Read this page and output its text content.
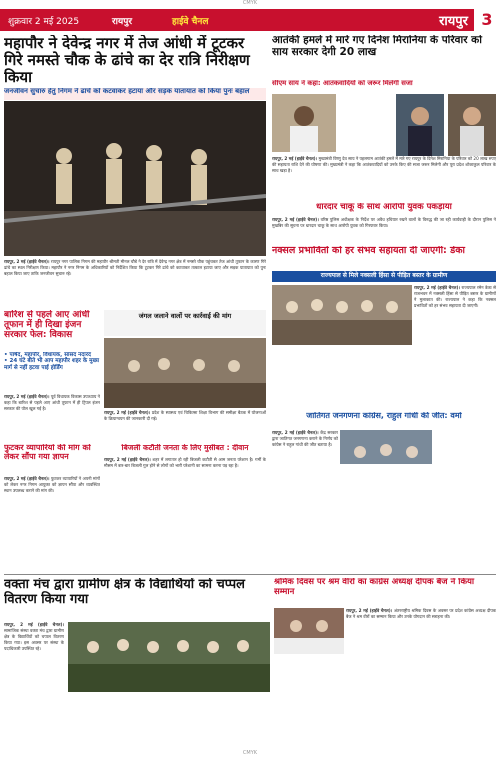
CMYK
शुक्रवार 2 मई 2025	रायपुर	हाईवे चैनल	रायपुर 3
महापौर ने देवेन्द्र नगर में तेज आंधी में टूटकर गिरे नमस्ते चौक के ढांचे का देर रात्रि निरीक्षण किया
जनजीवन सुचारु हेतु निगम ने ढांचे को कटवाकर हटाया और सड़क यातायात को किया पुनः बहाल
रायपुर, 2 मई (हाईवे चैनल)। रायपुर नगर पालिक निगम की महापौर श्रीमती मीनल चौबे ने देर रात्रि में देवेन्द्र नगर क्षेत्र में नमस्ते चौक पहुंचकर तेज आंधी तूफान के कारण गिरे ढांचे का स्थल निरीक्षण किया। महापौर ने नगर निगम के अधिकारियों को निर्देशित किया कि टूटकर गिरे ढांचे को कटवाकर तत्काल हटाया जाए और सड़क यातायात को पुनः बहाल किया जाए ताकि जनजीवन सुचारु रहे।
आतंकी हमले में मारे गए दिनेश मिरानिया के परिवार को साय सरकार देगी 20 लाख
सीएम साय ने कहा: आतंकवादियों को जरूर मिलेगी सजा
रायपुर, 2 मई (हाईवे चैनल)। मुख्यमंत्री विष्णु देव साय ने पहलगाम आतंकी हमले में मारे गए रायपुर के दिनेश मिरानिया के परिवार को 20 लाख रुपए की सहायता राशि देने की घोषणा की। मुख्यमंत्री ने कहा कि आतंकवादियों को उनके किए की सजा जरूर मिलेगी और पूरा प्रदेश शोकाकुल परिवार के साथ खड़ा है।
धारदार चाकू के साथ आरोपी युवक पकड़ाया
रायपुर, 2 मई (हाईवे चैनल)। वरिष्ठ पुलिस अधीक्षक के निर्देश पर अवैध हथियार रखने वालों के विरुद्ध की जा रही कार्यवाही के दौरान पुलिस ने मुखबिर की सूचना पर धारदार चाकू के साथ आरोपी युवक को गिरफ्तार किया।
बारिश से पहले आए आंधी तूफान में ही दिखा इंजन सरकार फेल: विकास
• पार्षद, महापौर, विधायक, सांसद नदारद
• 24 घंटे बीते भी आप महापौर शहर के मुख्य मार्ग से नहीं हटवा पाई होर्डिंग
रायपुर, 2 मई (हाईवे चैनल)। पूर्व विधायक विकास उपाध्याय ने कहा कि बारिश से पहले आए आंधी तूफान में ही ट्रिपल इंजन सरकार की पोल खुल गई है।
जंगल जलाने वालों पर कार्रवाई की मांग
रायपुर, 2 मई (हाईवे चैनल)। प्रदेश के स्वास्थ्य एवं चिकित्सा शिक्षा विभाग की समीक्षा बैठक में योजनाओं के क्रियान्वयन की जानकारी दी गई।
नक्सल प्रभावितों को हर संभव सहायता दी जाएगी: डेका
राज्यपाल से मिले नक्सली हिंसा से पीड़ित बस्तर के ग्रामीण
रायपुर, 2 मई (हाईवे चैनल)। राज्यपाल रमेन डेका से राजभवन में नक्सली हिंसा से पीड़ित बस्तर के ग्रामीणों ने मुलाकात की। राज्यपाल ने कहा कि नक्सल प्रभावितों को हर संभव सहायता दी जाएगी।
बिजली कटौती जनता के लिए मुसीबत : दीवान
रायपुर, 2 मई (हाईवे चैनल)। शहर में लगातार हो रही बिजली कटौती से आम जनता परेशान है। गर्मी के मौसम में बार-बार बिजली गुल होने से लोगों को भारी परेशानी का सामना करना पड़ रहा है।
जातिगत जनगणना कांग्रेस, राहुल गांधी की जीत: वर्मा
रायपुर, 2 मई (हाईवे चैनल)। केंद्र सरकार द्वारा जातिगत जनगणना कराने के निर्णय को कांग्रेस ने राहुल गांधी की जीत बताया है।
फुटकर व्यापारियों की मांग को लेकर सौंपा गया ज्ञापन
रायपुर, 2 मई (हाईवे चैनल)। फुटकर व्यापारियों ने अपनी मांगों को लेकर नगर निगम आयुक्त को ज्ञापन सौंपा और व्यवस्थित स्थान उपलब्ध कराने की मांग की।
वक्ता मंच द्वारा ग्रामीण क्षेत्र के विद्यार्थियों को चप्पल वितरण किया गया
रायपुर, 2 मई (हाईवे चैनल)। सामाजिक संस्था वक्ता मंच द्वारा ग्रामीण क्षेत्र के विद्यार्थियों को चप्पल वितरण किया गया। इस अवसर पर संस्था के पदाधिकारी उपस्थित रहे।
श्रमिक दिवस पर श्रम वीरों का कांग्रेस अध्यक्ष दीपक बैज ने किया सम्मान
रायपुर, 2 मई (हाईवे चैनल)। अंतरराष्ट्रीय श्रमिक दिवस के अवसर पर प्रदेश कांग्रेस अध्यक्ष दीपक बैज ने श्रम वीरों का सम्मान किया और उनके योगदान की सराहना की।
CMYK
